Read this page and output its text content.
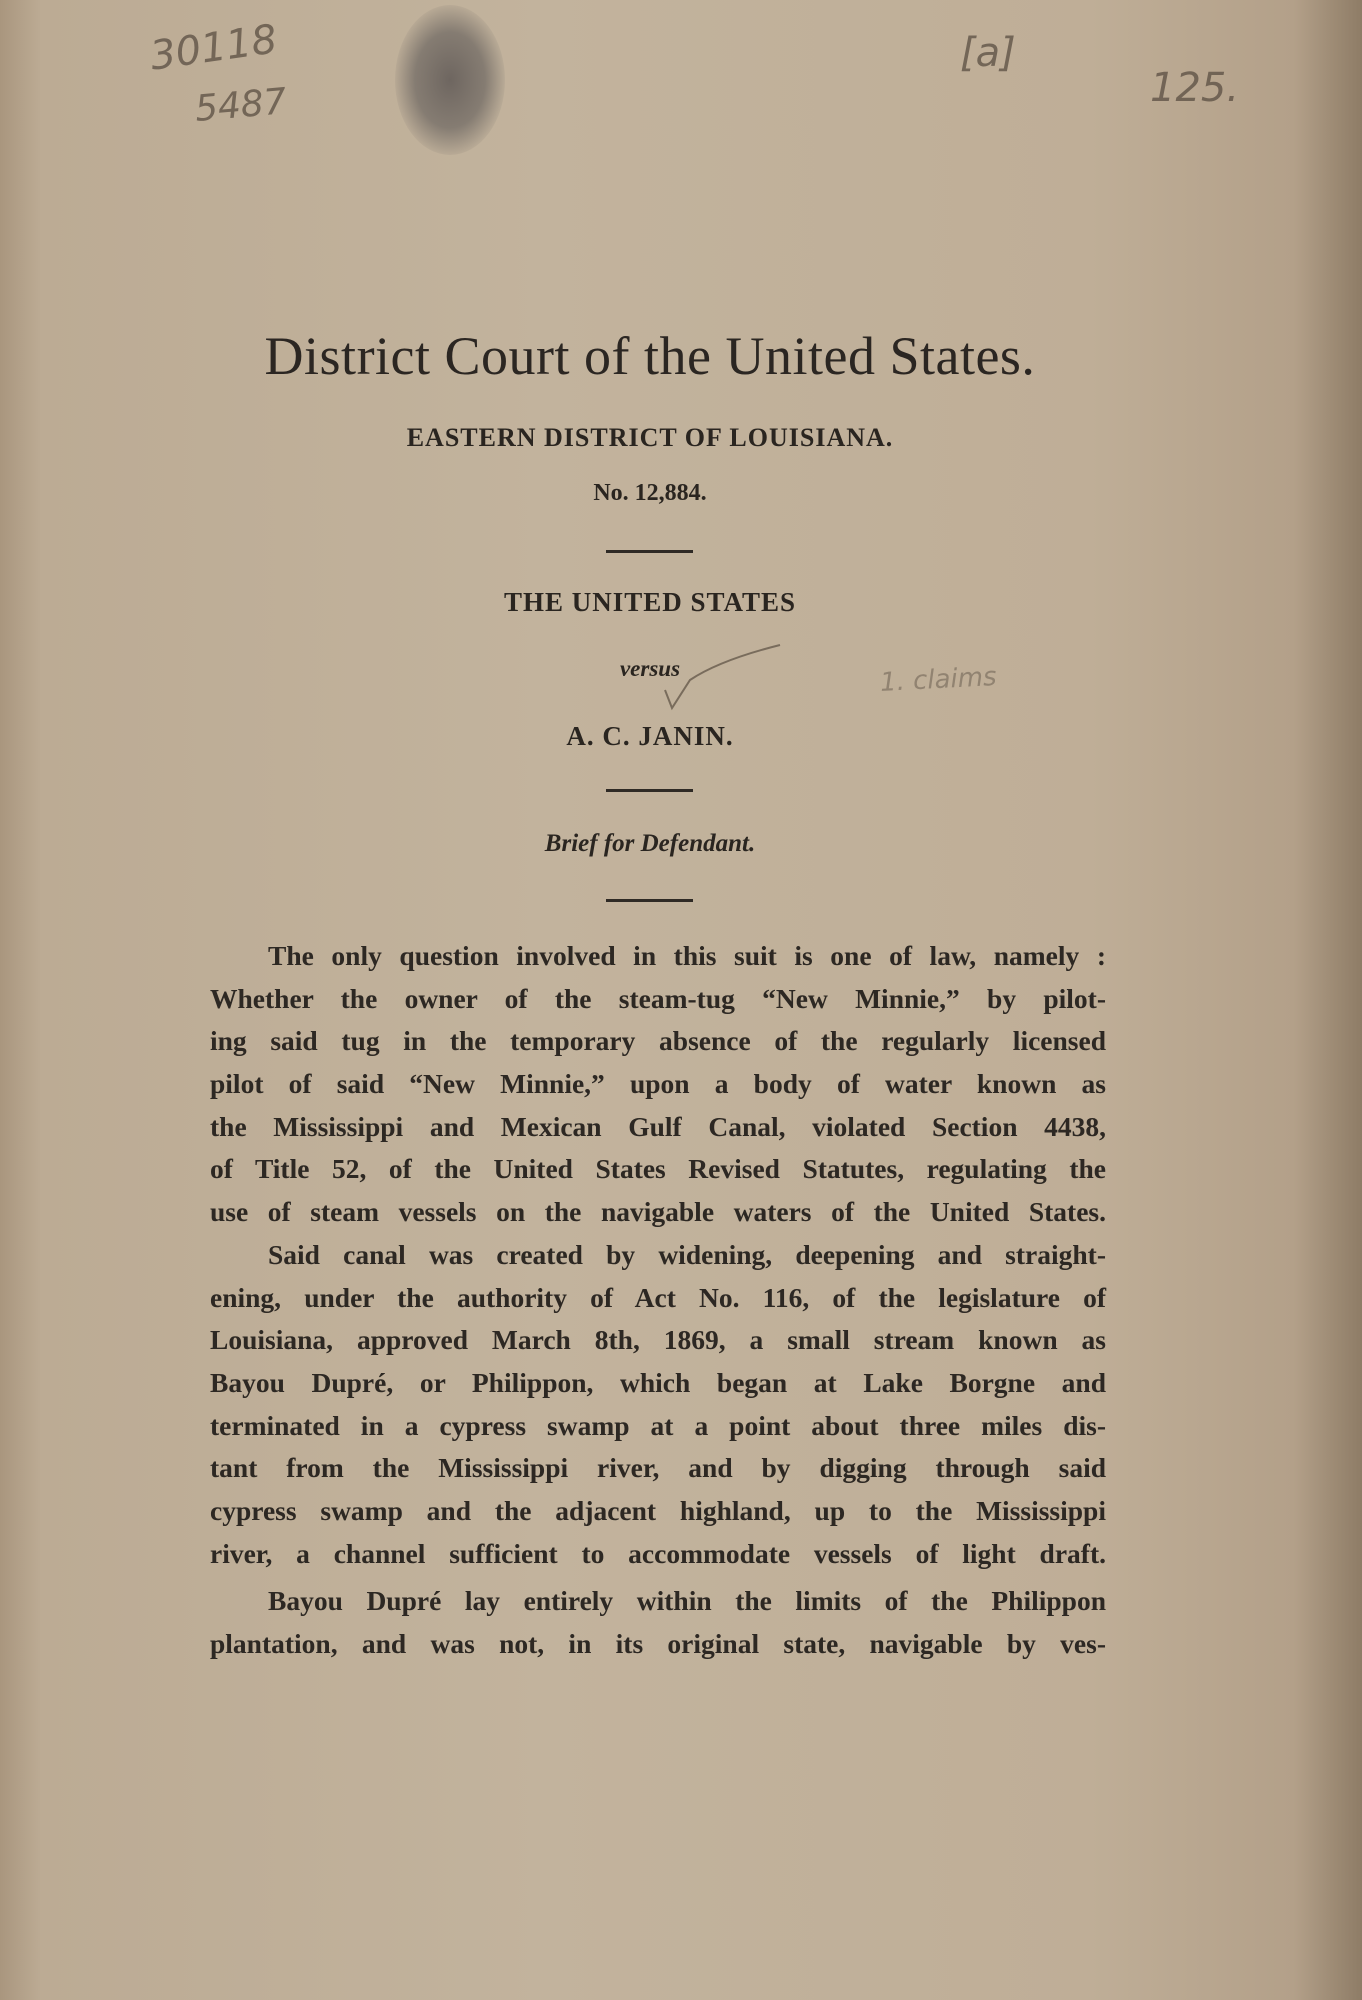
30118
5487
[a]
125.
1. claims
District Court of the United States.
EASTERN DISTRICT OF LOUISIANA.
No. 12,884.
THE UNITED STATES
versus
A. C. JANIN.
Brief for Defendant.
The only question involved in this suit is one of law, namely :
Whether the owner of the steam-tug “New Minnie,” by pilot-
ing said tug in the temporary absence of the regularly licensed
pilot of said “New Minnie,” upon a body of water known as
the Mississippi and Mexican Gulf Canal, violated Section 4438,
of Title 52, of the United States Revised Statutes, regulating the
use of steam vessels on the navigable waters of the United States.
Said canal was created by widening, deepening and straight-
ening, under the authority of Act No. 116, of the legislature of
Louisiana, approved March 8th, 1869, a small stream known as
Bayou Dupré, or Philippon, which began at Lake Borgne and
terminated in a cypress swamp at a point about three miles dis-
tant from the Mississippi river, and by digging through said
cypress swamp and the adjacent highland, up to the Mississippi
river, a channel sufficient to accommodate vessels of light draft.
Bayou Dupré lay entirely within the limits of the Philippon
plantation, and was not, in its original state, navigable by ves-
